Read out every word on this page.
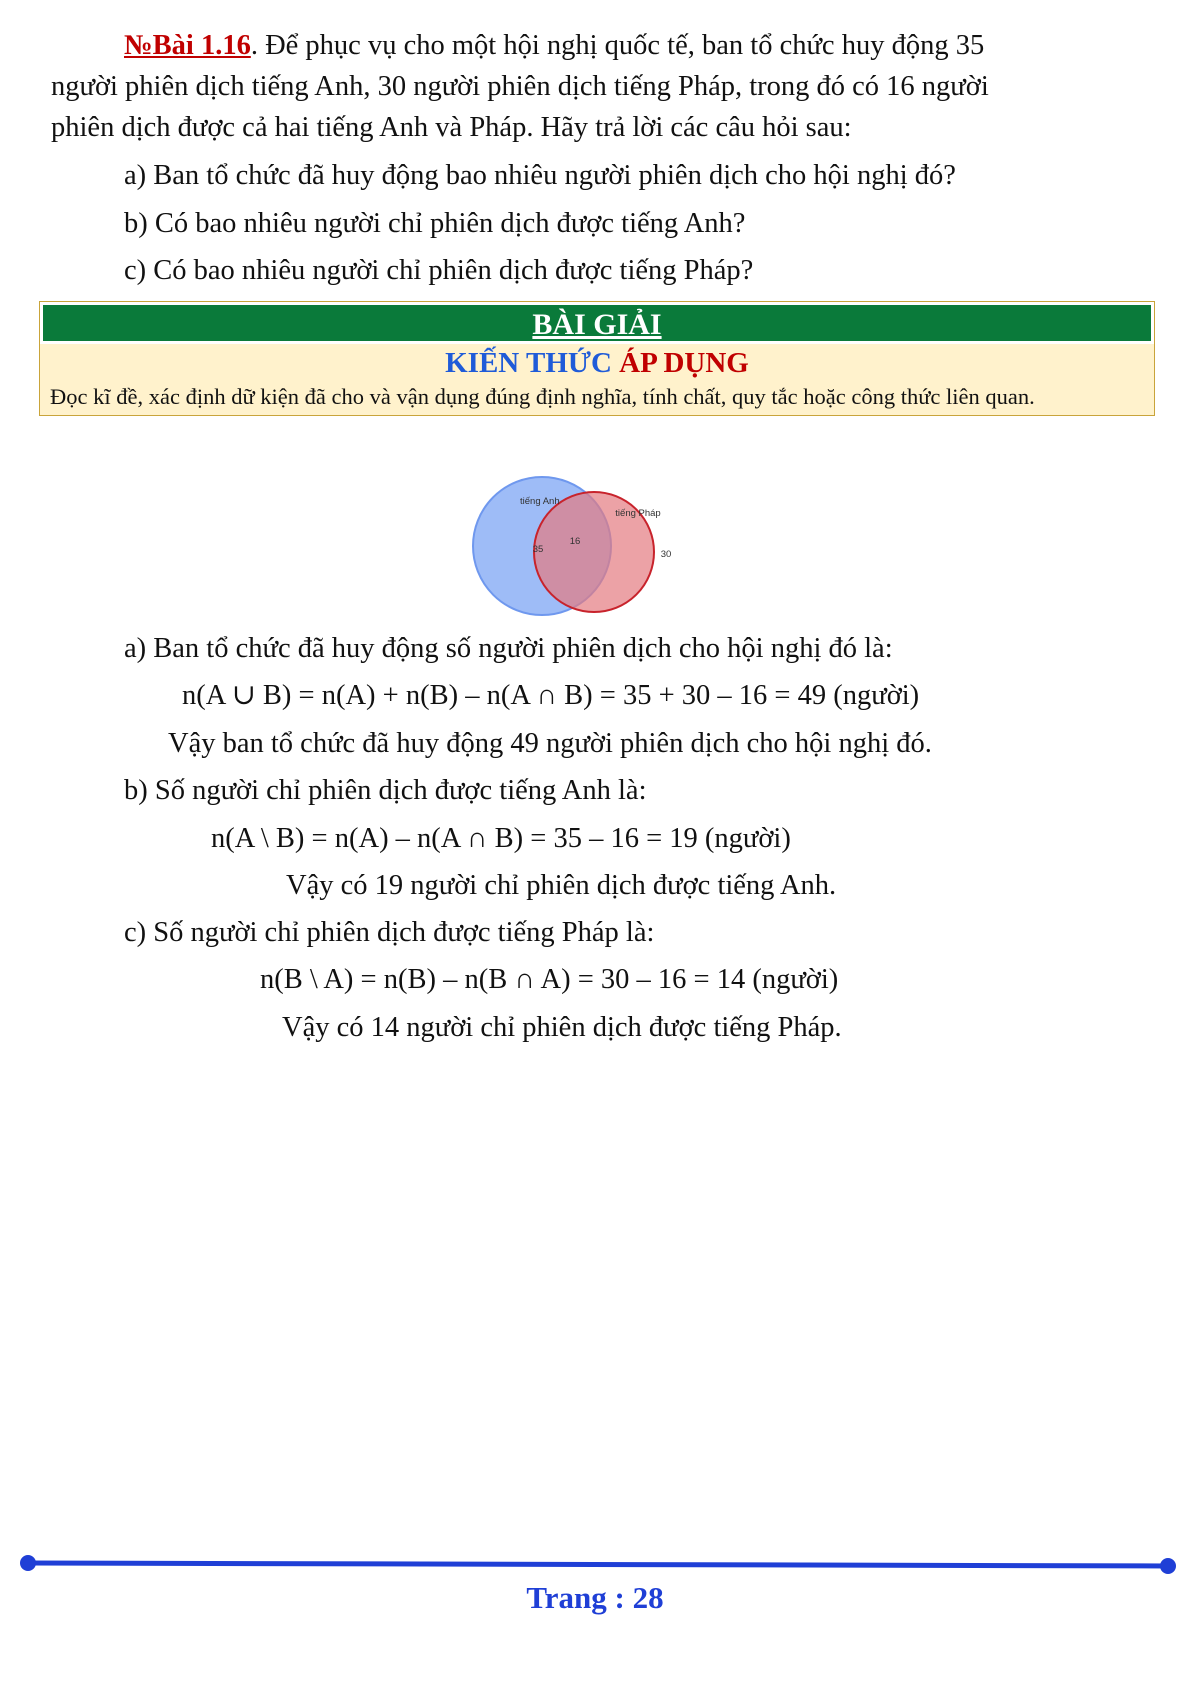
№Bài 1.16. Để phục vụ cho một hội nghị quốc tế, ban tổ chức huy động 35
người phiên dịch tiếng Anh, 30 người phiên dịch tiếng Pháp, trong đó có 16 người
phiên dịch được cả hai tiếng Anh và Pháp. Hãy trả lời các câu hỏi sau:
a) Ban tổ chức đã huy động bao nhiêu người phiên dịch cho hội nghị đó?
b) Có bao nhiêu người chỉ phiên dịch được tiếng Anh?
c) Có bao nhiêu người chỉ phiên dịch được tiếng Pháp?
BÀI GIẢI
KIẾN THỨC ÁP DỤNG
Đọc kĩ đề, xác định dữ kiện đã cho và vận dụng đúng định nghĩa, tính chất, quy tắc hoặc công thức liên quan.
tiếng Anh
tiếng Pháp
35
16
30
a) Ban tổ chức đã huy động số người phiên dịch cho hội nghị đó là:
n(A ∪ B) = n(A) + n(B) – n(A ∩ B) = 35 + 30 – 16 = 49 (người)
Vậy ban tổ chức đã huy động 49 người phiên dịch cho hội nghị đó.
b) Số người chỉ phiên dịch được tiếng Anh là:
n(A \ B) = n(A) – n(A ∩ B) = 35 – 16 = 19 (người)
Vậy có 19 người chỉ phiên dịch được tiếng Anh.
c) Số người chỉ phiên dịch được tiếng Pháp là:
n(B \ A) = n(B) – n(B ∩ A) = 30 – 16 = 14 (người)
Vậy có 14 người chỉ phiên dịch được tiếng Pháp.
Trang : 28
